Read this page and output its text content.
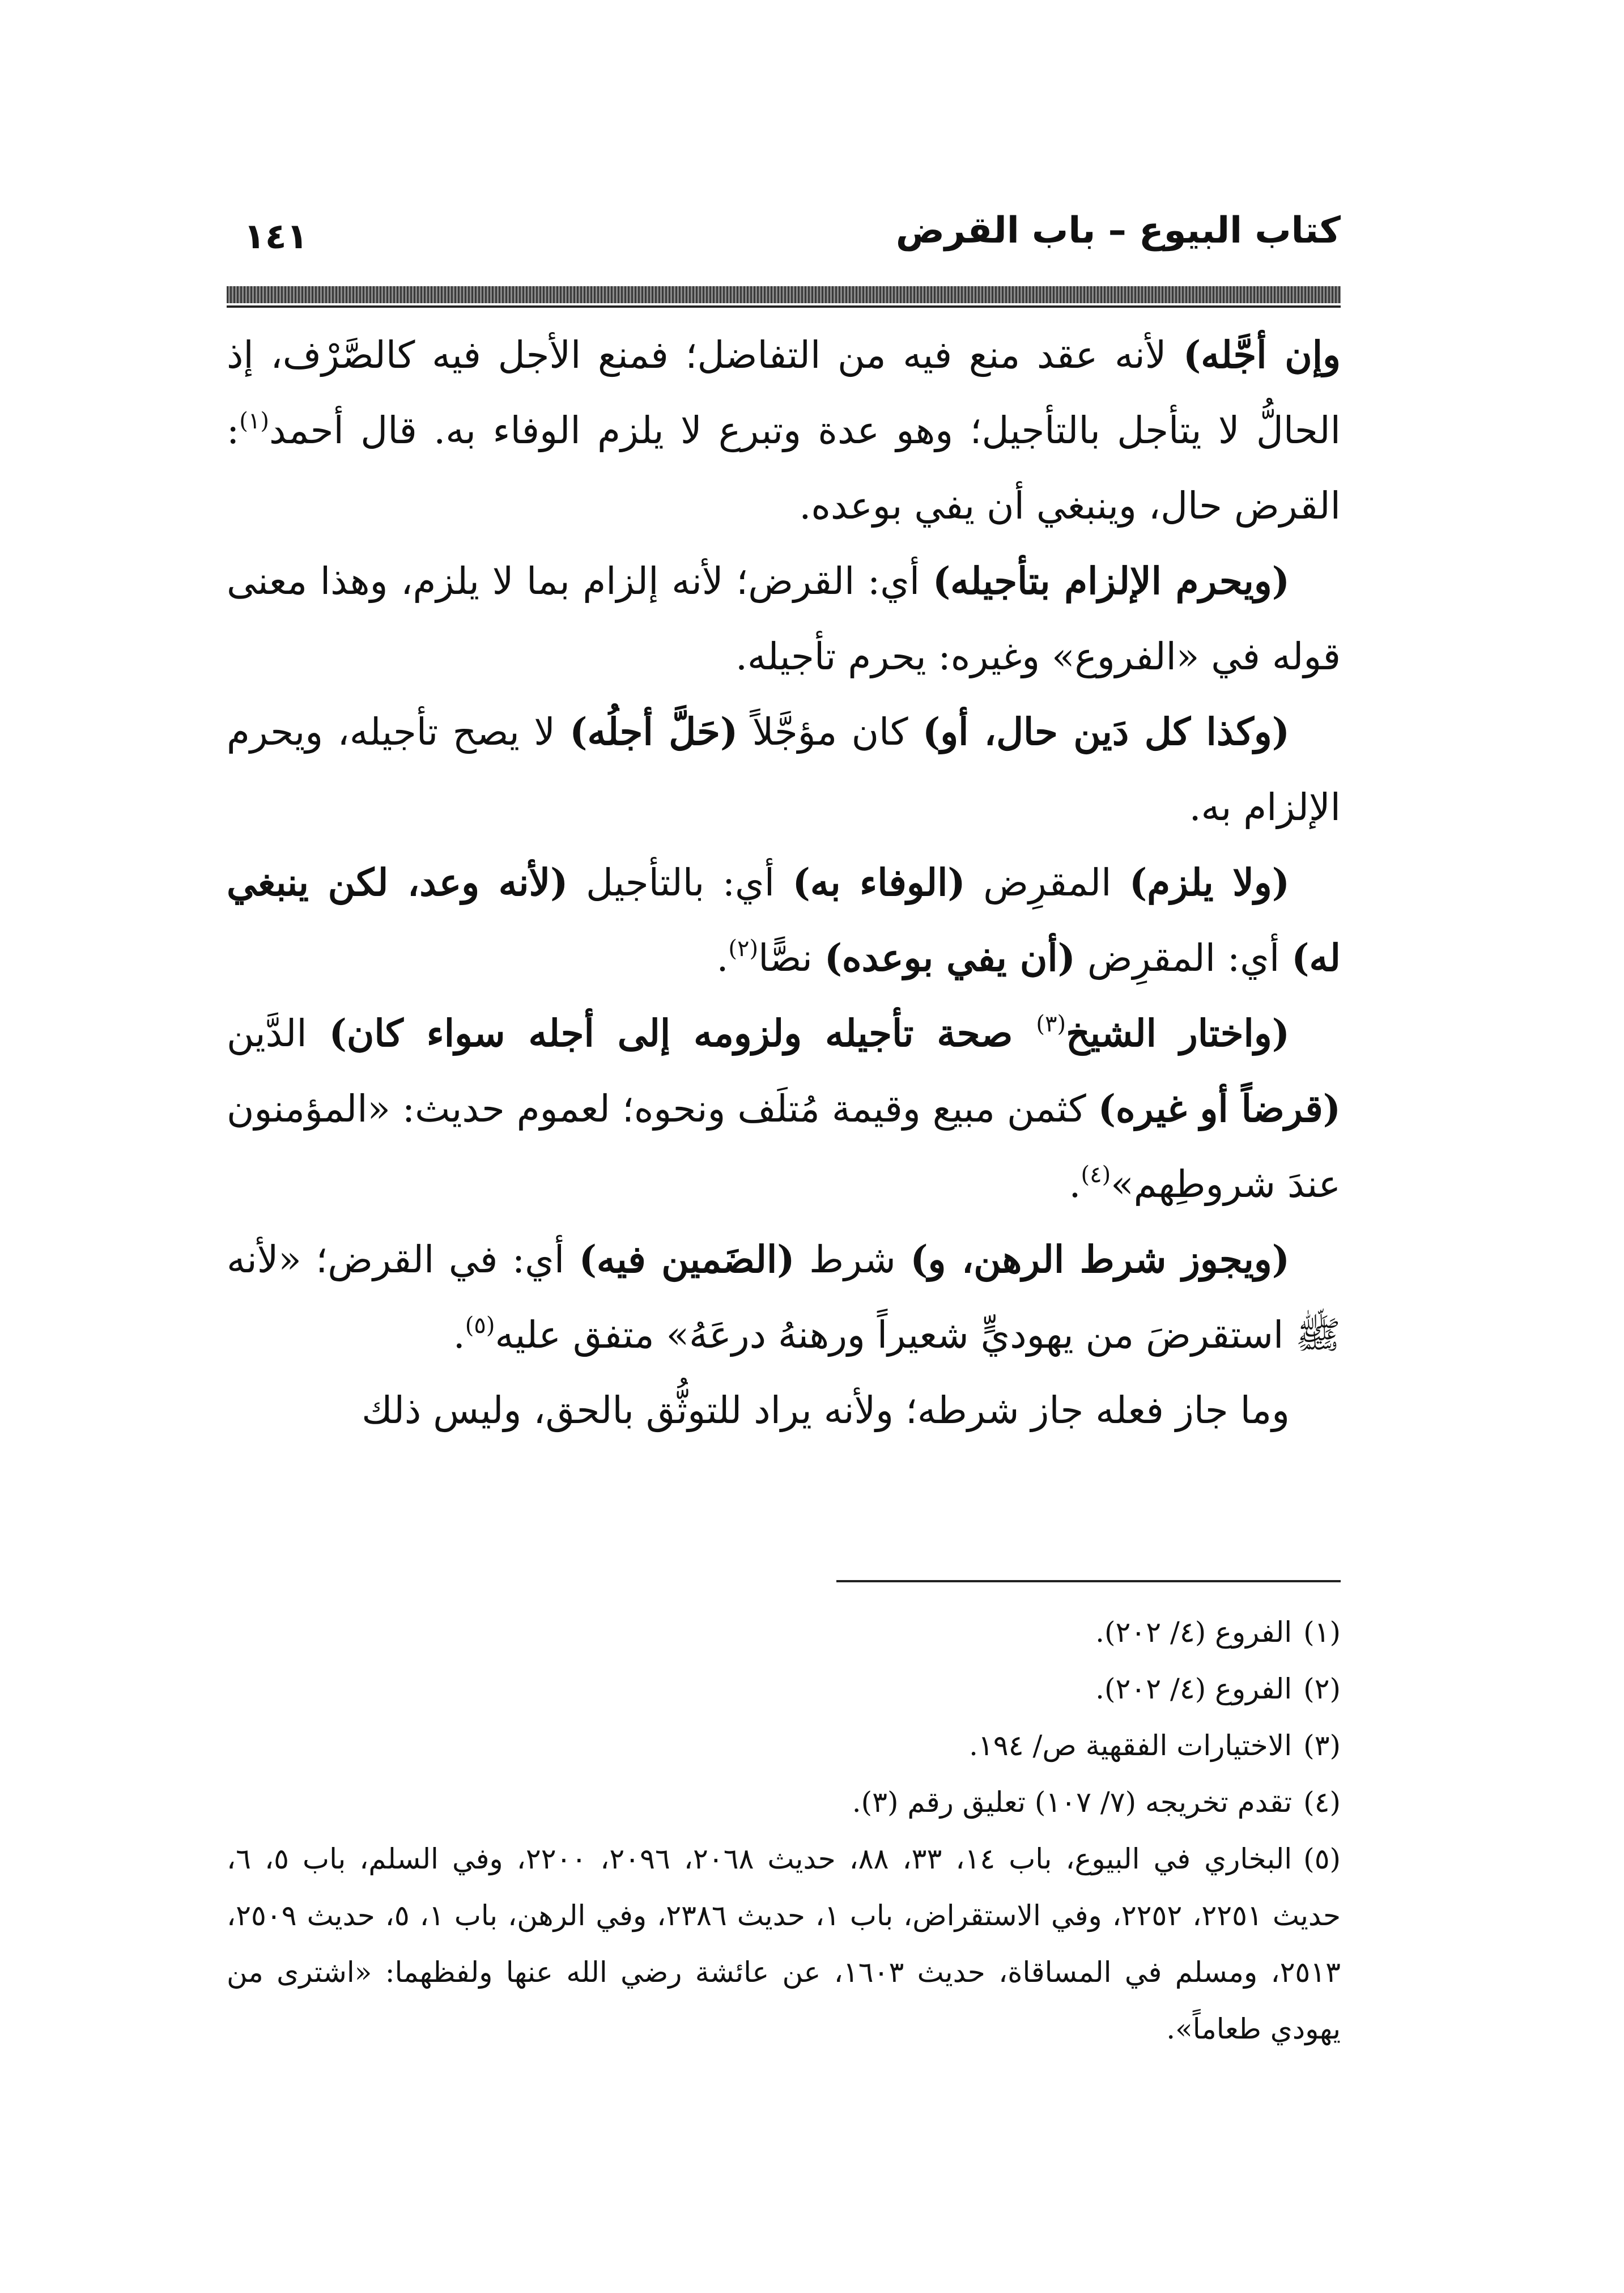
١٤١	كتاب البيوع – باب القرض

وإن أجَّله) لأنه عقد منع فيه من التفاضل؛ فمنع الأجل فيه كالصَّرْف، إذ الحالُّ لا يتأجل بالتأجيل؛ وهو عدة وتبرع لا يلزم الوفاء به. قال أحمد$^{(١)}$: القرض حال، وينبغي أن يفي بوعده.

(ويحرم الإلزام بتأجيله) أي: القرض؛ لأنه إلزام بما لا يلزم، وهذا معنى قوله في «الفروع» وغيره: يحرم تأجيله.

(وكذا كل دَين حال، أو) كان مؤجَّلاً (حَلَّ أجلُه) لا يصح تأجيله، ويحرم الإلزام به.

(ولا يلزم) المقرِض (الوفاء به) أي: بالتأجيل (لأنه وعد، لكن ينبغي له) أي: المقرِض (أن يفي بوعده) نصًّا$^{(٢)}$.

(واختار الشيخ$^{(٣)}$ صحة تأجيله ولزومه إلى أجله سواء كان) الدَّين (قرضاً أو غيره) كثمن مبيع وقيمة مُتلَف ونحوه؛ لعموم حديث: «المؤمنون عندَ شروطِهم»$^{(٤)}$.

(ويجوز شرط الرهن، و) شرط (الضَمين فيه) أي: في القرض؛ «لأنه ﷺ استقرضَ من يهوديٍّ شعيراً ورهنهُ درعَهُ» متفق عليه$^{(٥)}$.

وما جاز فعله جاز شرطه؛ ولأنه يراد للتوثُّق بالحق، وليس ذلك

(١)الفروع (٤/ ٢٠٢).

(٢)الفروع (٤/ ٢٠٢).

(٣)الاختيارات الفقهية ص/ ١٩٤.

(٤)تقدم تخريجه (٧/ ١٠٧) تعليق رقم (٣).

(٥)البخاري في البيوع، باب ١٤، ٣٣، ٨٨، حديث ٢٠٦٨، ٢٠٩٦، ٢٢٠٠، وفي السلم، باب ٥، ٦، حديث ٢٢٥١، ٢٢٥٢، وفي الاستقراض، باب ١، حديث ٢٣٨٦، وفي الرهن، باب ١، ٥، حديث ٢٥٠٩، ٢٥١٣، ومسلم في المساقاة، حديث ١٦٠٣، عن عائشة رضي الله عنها ولفظهما: «اشترى من يهودي طعاماً».
